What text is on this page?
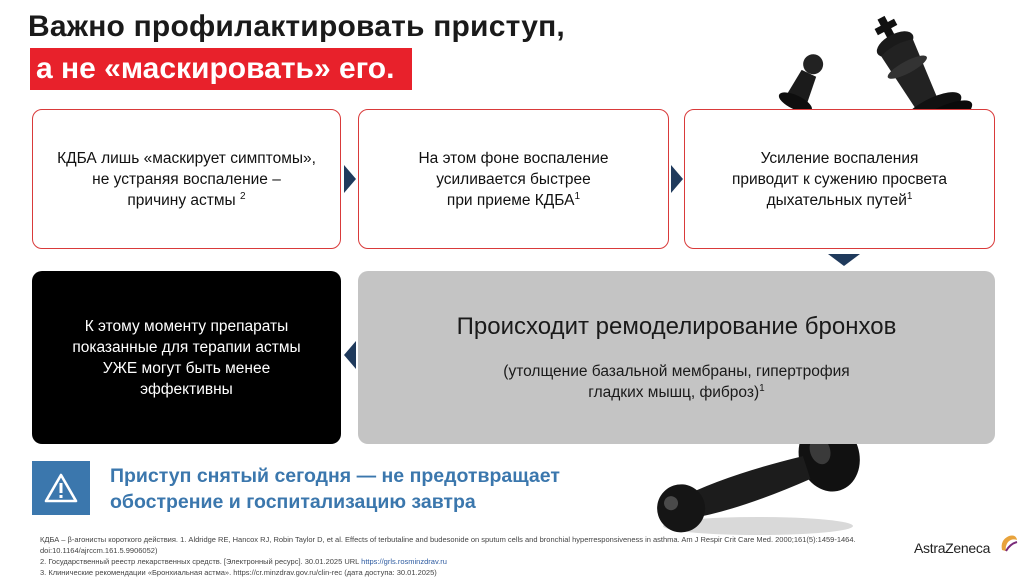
Важно профилактировать приступ,
а не «маскировать» его.
КДБА лишь «маскирует симптомы»,
не устраняя воспаление –
причину астмы $^2$
На этом фоне воспаление
усиливается быстрее
при приеме КДБА$^1$
Усиление воспаления
приводит к сужению просвета
дыхательных путей$^1$
К этому моменту препараты
показанные для терапии астмы
УЖЕ могут быть менее
эффективны
Происходит ремоделирование бронхов
(утолщение базальной мембраны, гипертрофия
гладких мышц, фиброз)$^1$
Приступ снятый сегодня — не предотвращает
обострение и госпитализацию завтра
КДБА – β-агонисты короткого действия. 1. Aldridge RE, Hancox RJ, Robin Taylor D, et al. Effects of terbutaline and budesonide on sputum cells and bronchial hyperresponsiveness in asthma. Am J Respir Crit Care Med. 2000;161(5):1459-1464.
doi:10.1164/ajrccm.161.5.9906052)
2. Государственный реестр лекарственных средств. [Электронный ресурс]. 30.01.2025 URL https://grls.rosminzdrav.ru
3. Клинические рекомендации «Бронхиальная астма». https://cr.minzdrav.gov.ru/clin-rec (дата доступа: 30.01.2025)
AstraZeneca
